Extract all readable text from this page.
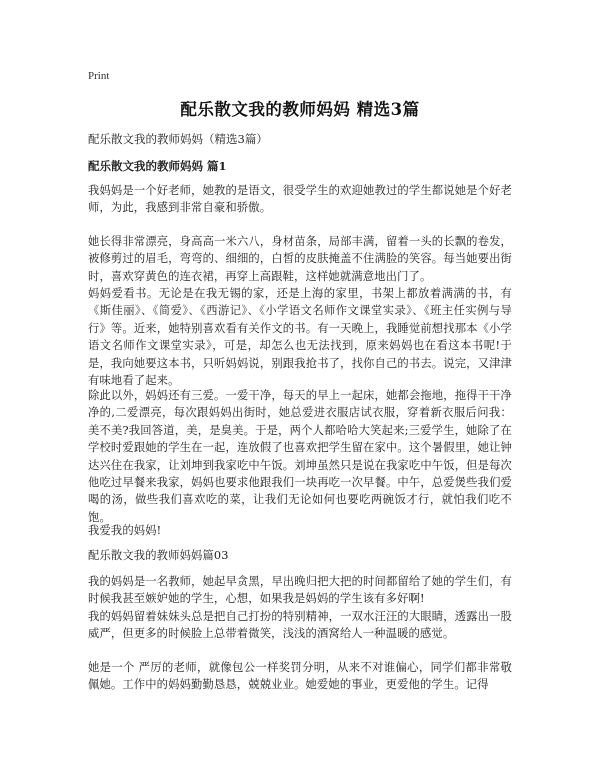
Print
配乐散文我的教师妈妈 精选3篇
配乐散文我的教师妈妈（精选3篇）
配乐散文我的教师妈妈 篇1

我妈妈是一个好老师，她教的是语文，很受学生的欢迎她教过的学生都说她是个好老师，为此，我感到非常自豪和骄傲。

她长得非常漂亮，身高高一米六八，身材苗条，局部丰满，留着一头的长飘的卷发，被修剪过的眉毛，弯弯的、细细的，白皙的皮肤掩盖不住满脸的笑容。每当她要出街时，喜欢穿黄色的连衣裙，再穿上高跟鞋，这样她就满意地出门了。

妈妈爱看书。无论是在我无锡的家，还是上海的家里，书架上都放着满满的书，有《斯佳丽》、《简爱》、《西游记》、《小学语文名师作文课堂实录》、《班主任实例与导行》等。近来，她特别喜欢看有关作文的书。有一天晚上，我睡觉前想找那本《小学语文名师作文课堂实录》，可是，却怎么也无法找到，原来妈妈也在看这本书呢!于是，我向她要这本书，只听妈妈说，别跟我抢书了，找你自己的书去。说完，又津津有味地看了起来。

除此以外，妈妈还有三爱。一爱干净，每天的早上一起床，她都会拖地，拖得干干净净的,二爱漂亮，每次跟妈妈出街时，她总爱进衣服店试衣服，穿着新衣服后问我：美不美?我回答道，美，是臭美。于是，两个人都哈哈大笑起来;三爱学生，她除了在学校时爱跟她的学生在一起，连放假了也喜欢把学生留在家中。这个暑假里，她让钟达兴住在我家，让刘坤到我家吃中午饭。刘坤虽然只是说在我家吃中午饭，但是每次他吃过早餐来我家，妈妈也要求他跟我们一块再吃一次早餐。中午，总爱煲些我们爱喝的汤，做些我们喜欢吃的菜，让我们无论如何也要吃两碗饭才行，就怕我们吃不饱。

我爱我的妈妈!

配乐散文我的教师妈妈篇03

我的妈妈是一名教师，她起早贪黑，早出晚归把大把的时间都留给了她的学生们，有时候我甚至嫉妒她的学生，心想，如果我是妈妈的学生该有多好啊!

我的妈妈留着妹妹头总是把自己打扮的特别精神，一双水汪汪的大眼睛，透露出一股威严，但更多的时候脸上总带着微笑，浅浅的酒窝给人一种温暖的感觉。

她是一个 严厉的老师，就像包公一样奖罚分明，从来不对谁偏心，同学们都非常敬佩她。工作中的妈妈勤勤恳恳，兢兢业业。她爱她的事业，更爱他的学生。记得
